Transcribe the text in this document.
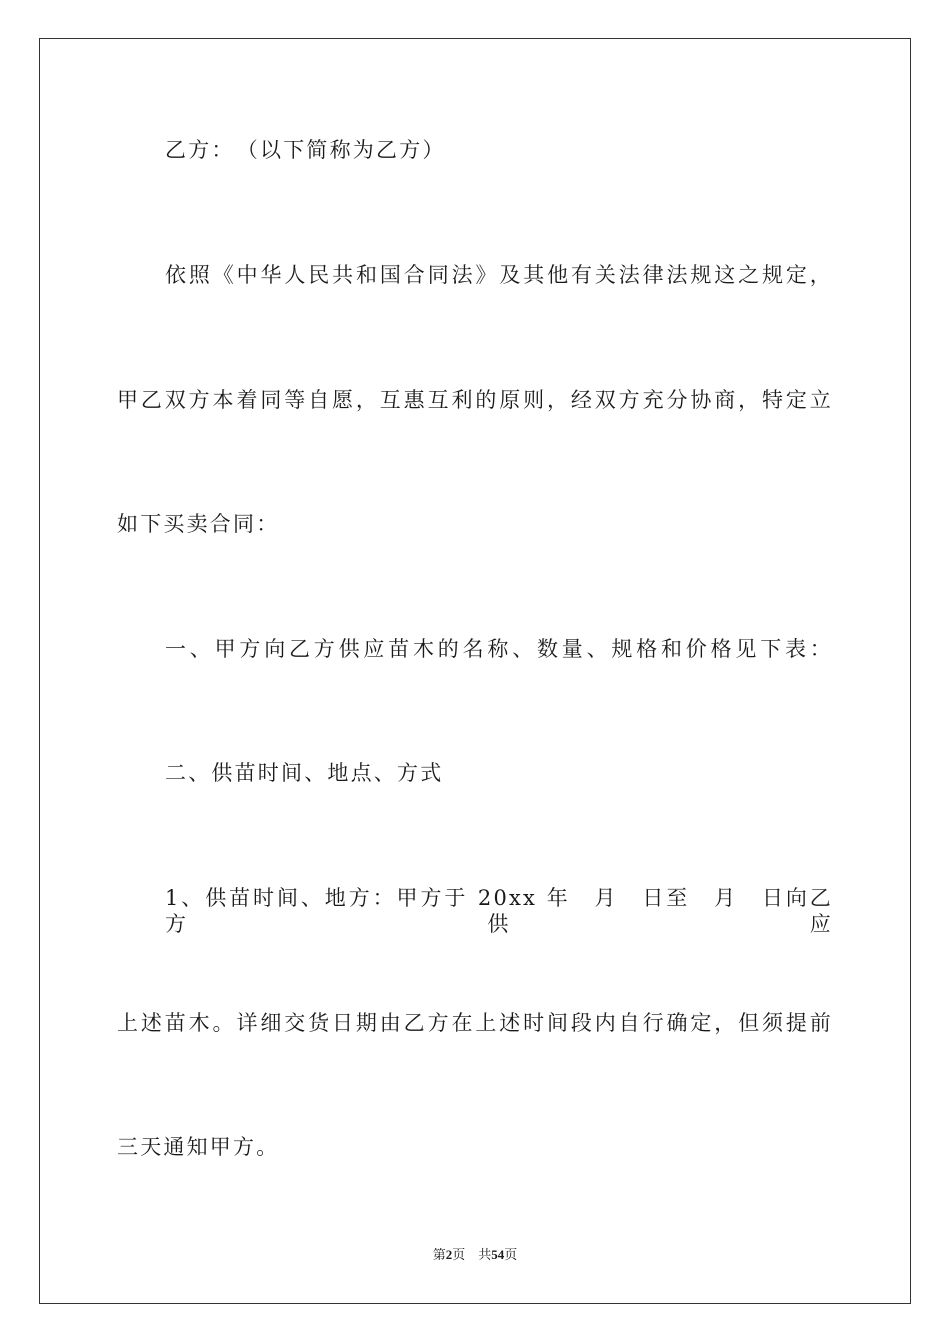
乙方：　（以下简称为乙方）
依照《中华人民共和国合同法》及其他有关法律法规这之规定，
甲乙双方本着同等自愿，互惠互利的原则，经双方充分协商，特定立
如下买卖合同：
一、甲方向乙方供应苗木的名称、数量、规格和价格见下表：
二、供苗时间、地点、方式
1、供苗时间、地方：甲方于 20xx 年　月　日至　月　日向乙方供应
上述苗木。详细交货日期由乙方在上述时间段内自行确定，但须提前
三天通知甲方。
第2页 共54页
